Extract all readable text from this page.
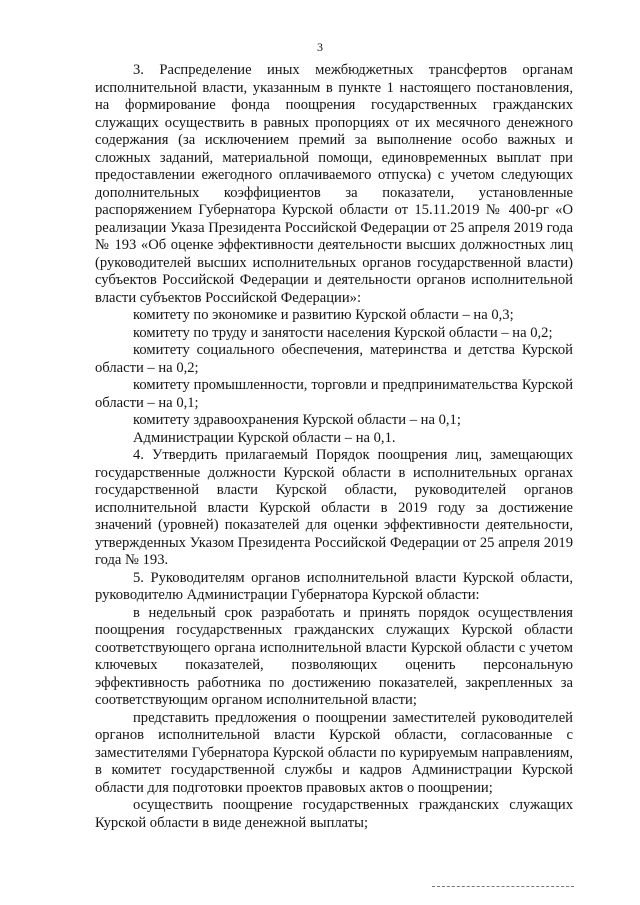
3

3. Распределение иных межбюджетных трансфертов органам исполнительной власти, указанным в пункте 1 настоящего постановления, на формирование фонда поощрения государственных гражданских служащих осуществить в равных пропорциях от их месячного денежного содержания (за исключением премий за выполнение особо важных и сложных заданий, материальной помощи, единовременных выплат при предоставлении ежегодного оплачиваемого отпуска) с учетом следующих дополнительных коэффициентов за показатели, установленные распоряжением Губернатора Курской области от 15.11.2019 № 400-рг «О реализации Указа Президента Российской Федерации от 25 апреля 2019 года № 193 «Об оценке эффективности деятельности высших должностных лиц (руководителей высших исполнительных органов государственной власти) субъектов Российской Федерации и деятельности органов исполнительной власти субъектов Российской Федерации»:

комитету по экономике и развитию Курской области – на 0,3;

комитету по труду и занятости населения Курской области – на 0,2;

комитету социального обеспечения, материнства и детства Курской области – на 0,2;

комитету промышленности, торговли и предпринимательства Курской области – на 0,1;

комитету здравоохранения Курской области – на 0,1;

Администрации Курской области – на 0,1.

4. Утвердить прилагаемый Порядок поощрения лиц, замещающих государственные должности Курской области в исполнительных органах государственной власти Курской области, руководителей органов исполнительной власти Курской области в 2019 году за достижение значений (уровней) показателей для оценки эффективности деятельности, утвержденных Указом Президента Российской Федерации от 25 апреля 2019 года № 193.

5. Руководителям органов исполнительной власти Курской области, руководителю Администрации Губернатора Курской области:

в недельный срок разработать и принять порядок осуществления поощрения государственных гражданских служащих Курской области соответствующего органа исполнительной власти Курской области с учетом ключевых показателей, позволяющих оценить персональную эффективность работника по достижению показателей, закрепленных за соответствующим органом исполнительной власти;

представить предложения о поощрении заместителей руководителей органов исполнительной власти Курской области, согласованные с заместителями Губернатора Курской области по курируемым направлениям, в комитет государственной службы и кадров Администрации Курской области для подготовки проектов правовых актов о поощрении;

осуществить поощрение государственных гражданских служащих Курской области в виде денежной выплаты;
